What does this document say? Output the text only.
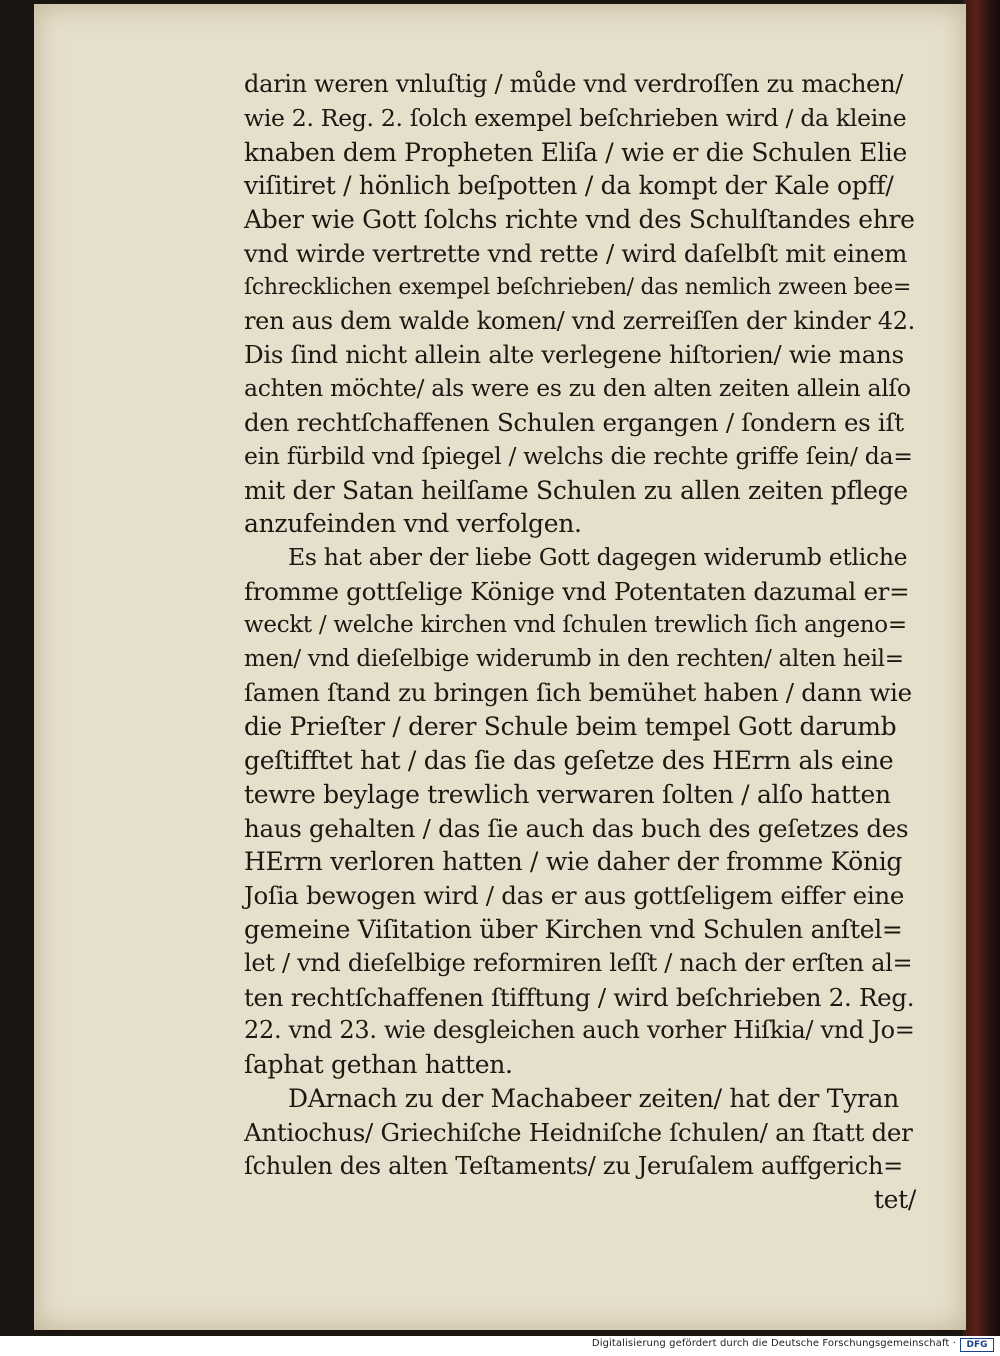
darin weren vnluſtig / můde vnd verdroſſen zu machen/
wie 2. Reg. 2. ſolch exempel beſchrieben wird / da kleine
knaben dem Propheten Eliſa / wie er die Schulen Elie
viſitiret / hönlich beſpotten / da kompt der Kale opff/
Aber wie Gott ſolchs richte vnd des Schulſtandes ehre
vnd wirde vertrette vnd rette / wird daſelbſt mit einem
ſchrecklichen exempel beſchrieben/ das nemlich zween bee=
ren aus dem walde komen/ vnd zerreiſſen der kinder 42.
Dis ſind nicht allein alte verlegene hiſtorien/ wie mans
achten möchte/ als were es zu den alten zeiten allein alſo
den rechtſchaffenen Schulen ergangen / ſondern es iſt
ein fürbild vnd ſpiegel / welchs die rechte griffe ſein/ da=
mit der Satan heilſame Schulen zu allen zeiten pflege
anzufeinden vnd verfolgen.
Es hat aber der liebe Gott dagegen widerumb etliche
fromme gottſelige Könige vnd Potentaten dazumal er=
weckt / welche kirchen vnd ſchulen trewlich ſich angeno=
men/ vnd dieſelbige widerumb in den rechten/ alten heil=
ſamen ſtand zu bringen ſich bemühet haben / dann wie
die Prieſter / derer Schule beim tempel Gott darumb
geſtifftet hat / das ſie das geſetze des HErrn als eine
tewre beylage trewlich verwaren ſolten / alſo hatten
haus gehalten / das ſie auch das buch des geſetzes des
HErrn verloren hatten / wie daher der fromme König
Joſia bewogen wird / das er aus gottſeligem eiffer eine
gemeine Viſitation über Kirchen vnd Schulen anſtel=
let / vnd dieſelbige reformiren leſſt / nach der erſten al=
ten rechtſchaffenen ſtifftung / wird beſchrieben 2. Reg.
22. vnd 23. wie desgleichen auch vorher Hiſkia/ vnd Jo=
ſaphat gethan hatten.
DArnach zu der Machabeer zeiten/ hat der Tyran
Antiochus/ Griechiſche Heidniſche ſchulen/ an ſtatt der
ſchulen des alten Teſtaments/ zu Jeruſalem auffgerich=
tet/
Digitalisierung gefördert durch die Deutsche Forschungsgemeinschaft ·	DFG
